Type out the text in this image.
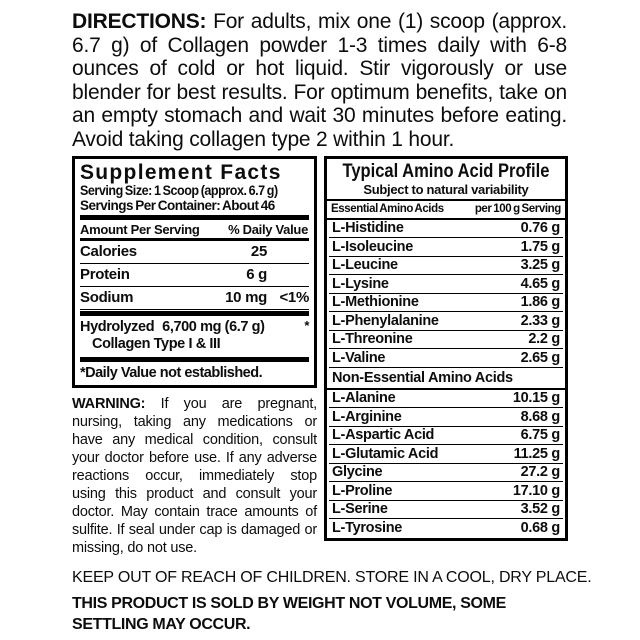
DIRECTIONS: For adults, mix one (1) scoop (approx. 6.7 g) of Collagen powder 1-3 times daily with 6-8 ounces of cold or hot liquid. Stir vigorously or use blender for best results. For optimum benefits, take on an empty stomach and wait 30 minutes before eating. Avoid taking collagen type 2 within 1 hour.

Supplement Facts
Serving Size: 1 Scoop (approx. 6.7 g)
Servings Per Container: About 46
Amount Per Serving % Daily Value
Calories	25
Protein	6 g
Sodium	10 mg <1%
Hydrolyzed 6,700 mg (6.7 g)	*
Collagen Type I & III
*Daily Value not established.

WARNING: If you are pregnant, nursing, taking any medications or have any medical condition, consult your doctor before use. If any adverse reactions occur, immediately stop using this product and consult your doctor. May contain trace amounts of sulfite. If seal under cap is damaged or missing, do not use.

Typical Amino Acid Profile
Subject to natural variability
Essential Amino Acids	per 100 g Serving
L-Histidine	0.76 g
L-Isoleucine	1.75 g
L-Leucine	3.25 g
L-Lysine	4.65 g
L-Methionine	1.86 g
L-Phenylalanine	2.33 g
L-Threonine	2.2 g
L-Valine	2.65 g
Non-Essential Amino Acids
L-Alanine	10.15 g
L-Arginine	8.68 g
L-Aspartic Acid	6.75 g
L-Glutamic Acid	11.25 g
Glycine	27.2 g
L-Proline	17.10 g
L-Serine	3.52 g
L-Tyrosine	0.68 g

KEEP OUT OF REACH OF CHILDREN. STORE IN A COOL, DRY PLACE.

THIS PRODUCT IS SOLD BY WEIGHT NOT VOLUME, SOME SETTLING MAY OCCUR.
